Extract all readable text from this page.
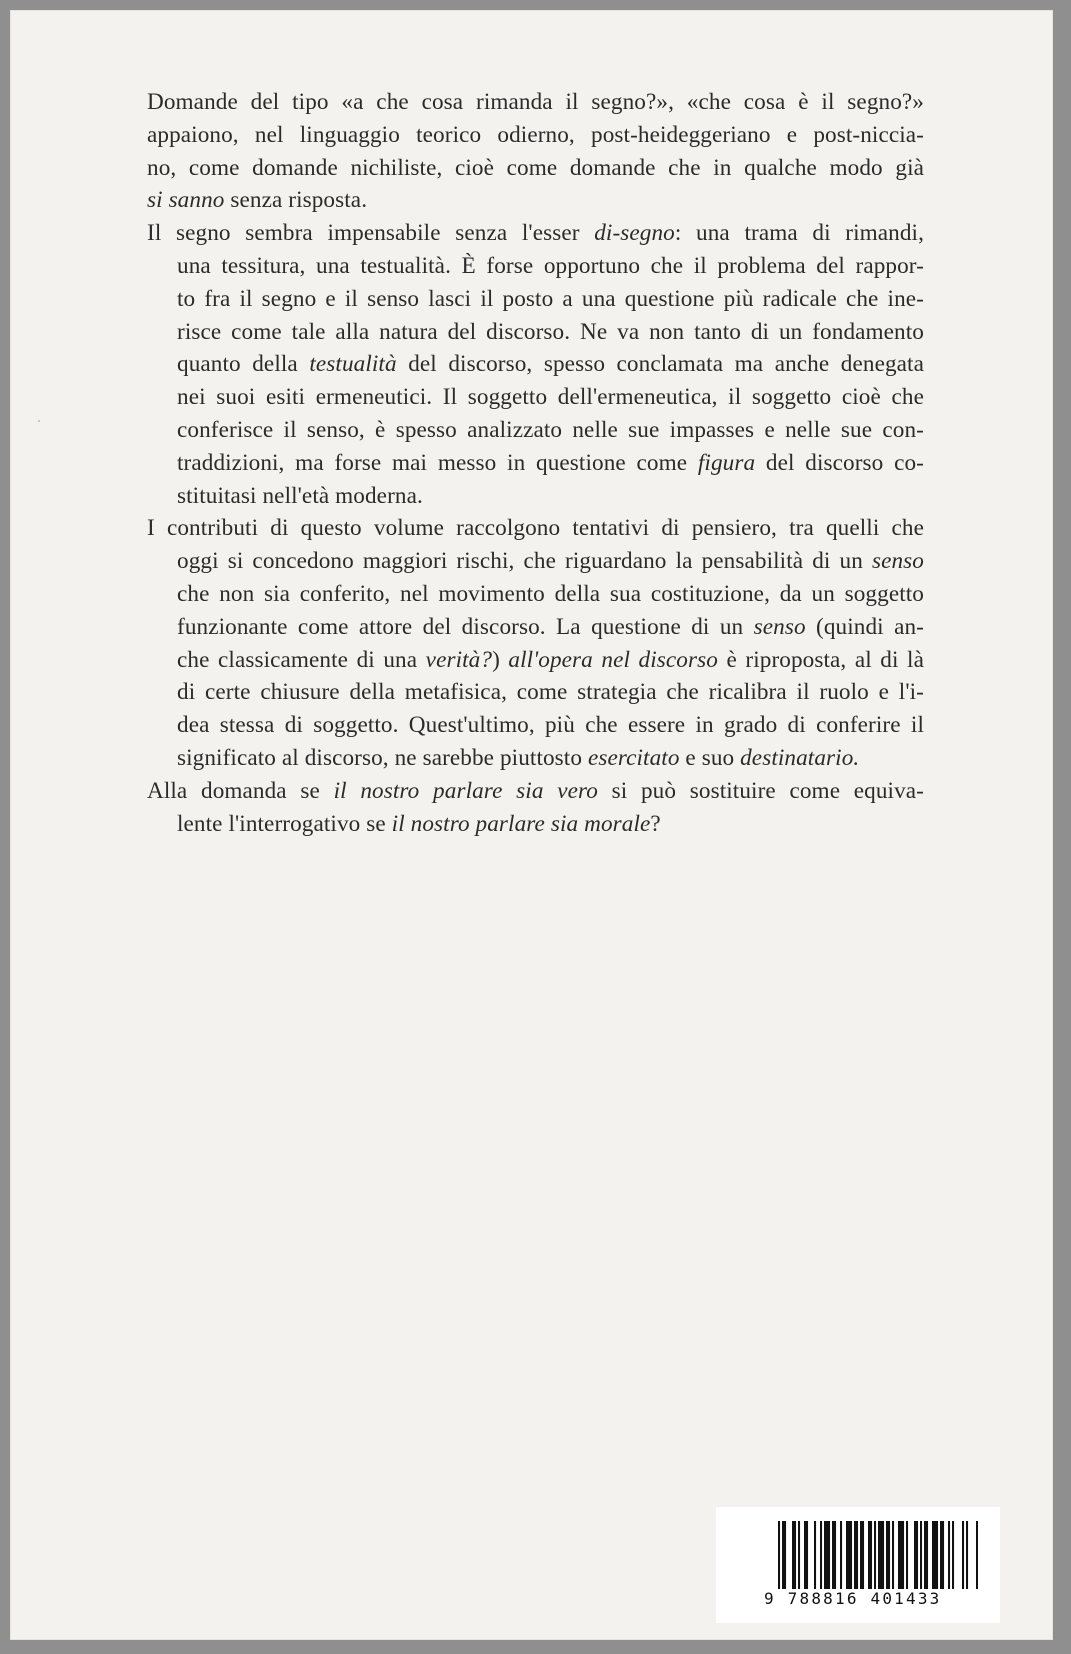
Domande del tipo «a che cosa rimanda il segno?», «che cosa è il segno?»
appaiono, nel linguaggio teorico odierno, post-heideggeriano e post-niccia-
no, come domande nichiliste, cioè come domande che in qualche modo già
si sanno senza risposta.

Il segno sembra impensabile senza l'esser di-segno: una trama di rimandi,
una tessitura, una testualità. È forse opportuno che il problema del rappor-
to fra il segno e il senso lasci il posto a una questione più radicale che ine-
risce come tale alla natura del discorso. Ne va non tanto di un fondamento
quanto della testualità del discorso, spesso conclamata ma anche denegata
nei suoi esiti ermeneutici. Il soggetto dell'ermeneutica, il soggetto cioè che
conferisce il senso, è spesso analizzato nelle sue impasses e nelle sue con-
traddizioni, ma forse mai messo in questione come figura del discorso co-
stituitasi nell'età moderna.

I contributi di questo volume raccolgono tentativi di pensiero, tra quelli che
oggi si concedono maggiori rischi, che riguardano la pensabilità di un senso
che non sia conferito, nel movimento della sua costituzione, da un soggetto
funzionante come attore del discorso. La questione di un senso (quindi an-
che classicamente di una verità?) all'opera nel discorso è riproposta, al di là
di certe chiusure della metafisica, come strategia che ricalibra il ruolo e l'i-
dea stessa di soggetto. Quest'ultimo, più che essere in grado di conferire il
significato al discorso, ne sarebbe piuttosto esercitato e suo destinatario.

Alla domanda se il nostro parlare sia vero si può sostituire come equiva-
lente l'interrogativo se il nostro parlare sia morale?

9 788816 401433
